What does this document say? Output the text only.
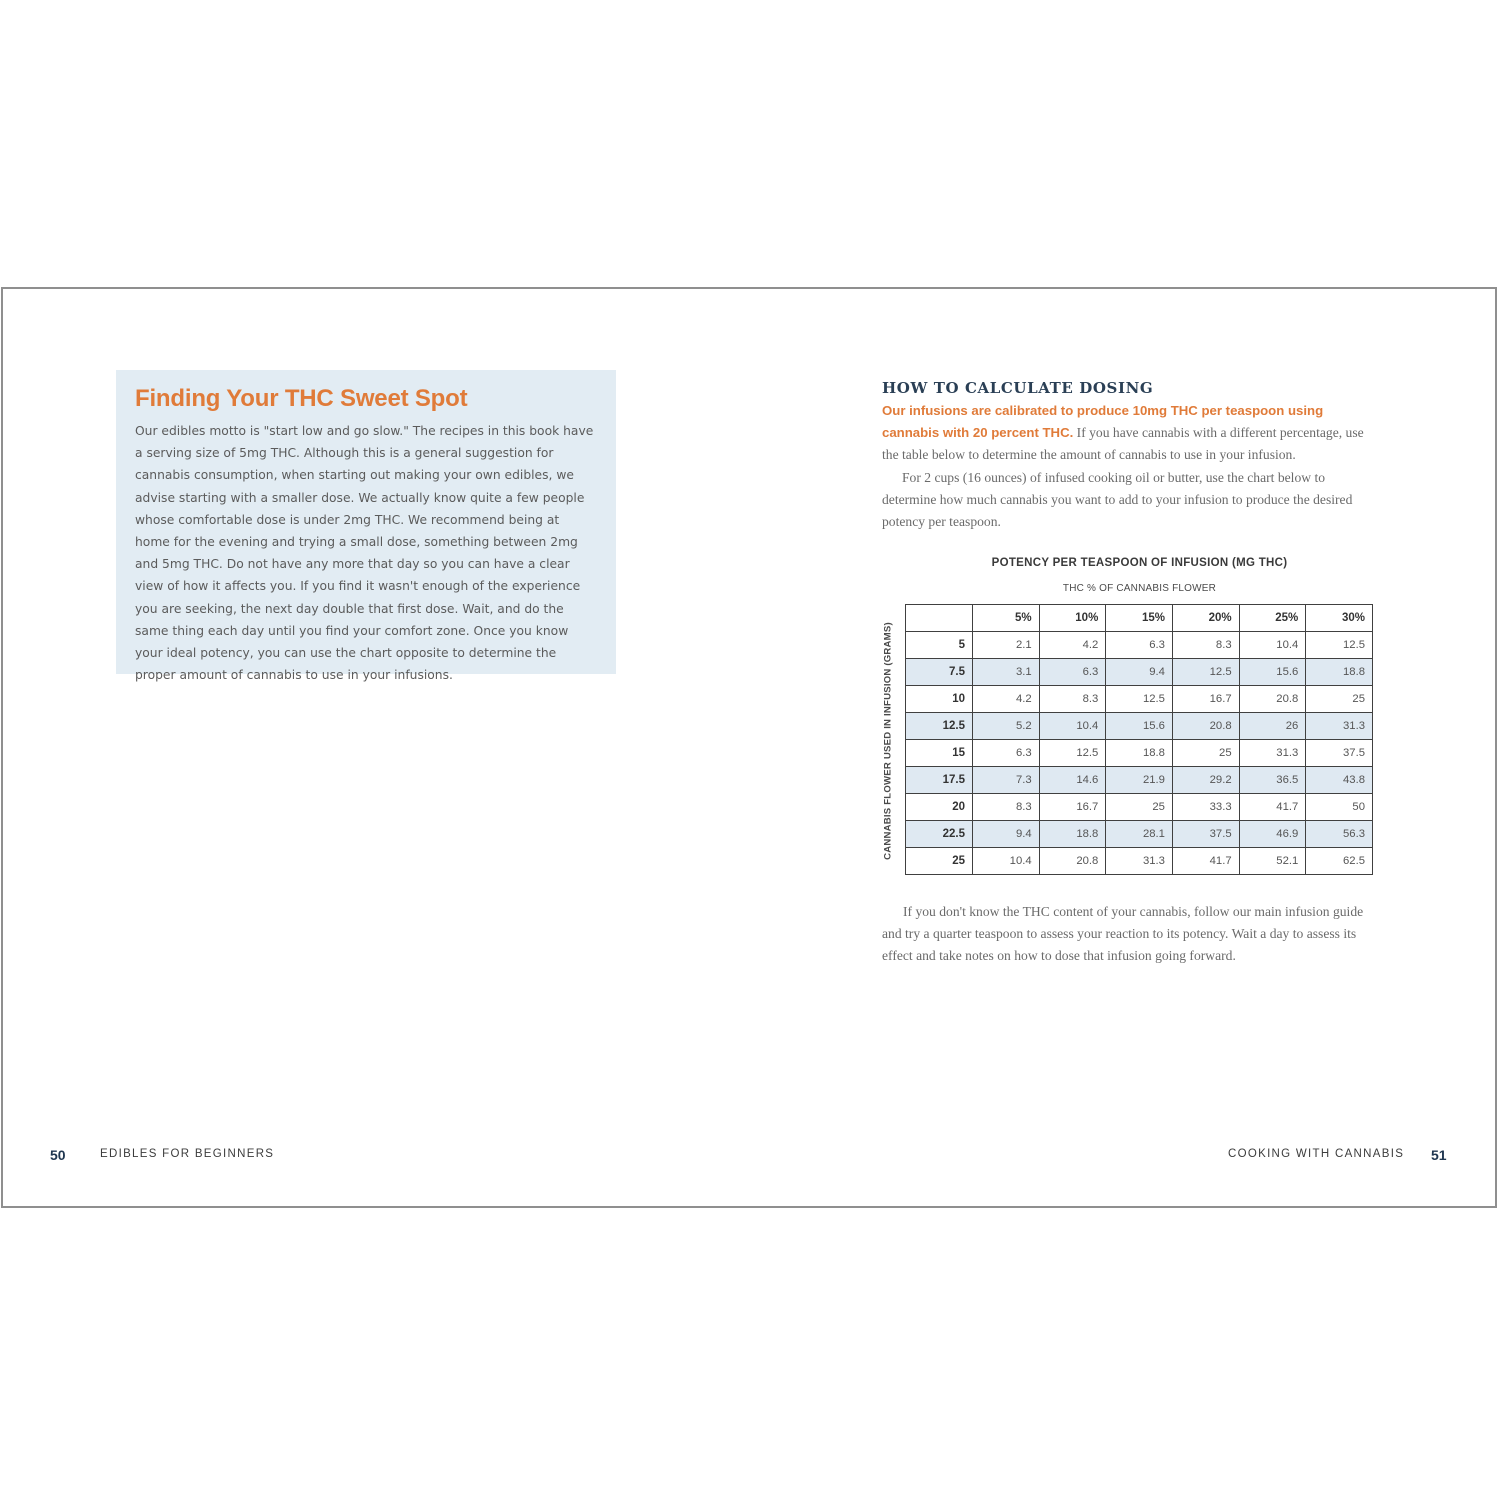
Finding Your THC Sweet Spot

Our edibles motto is "start low and go slow." The recipes in this book have a serving size of 5mg THC. Although this is a general suggestion for cannabis consumption, when starting out making your own edibles, we advise starting with a smaller dose. We actually know quite a few people whose comfortable dose is under 2mg THC. We recommend being at home for the evening and trying a small dose, something between 2mg and 5mg THC. Do not have any more that day so you can have a clear view of how it affects you. If you find it wasn't enough of the experience you are seeking, the next day double that first dose. Wait, and do the same thing each day until you find your comfort zone. Once you know your ideal potency, you can use the chart opposite to determine the proper amount of cannabis to use in your infusions.

HOW TO CALCULATE DOSING

Our infusions are calibrated to produce 10mg THC per teaspoon using cannabis with 20 percent THC. If you have cannabis with a different percentage, use the table below to determine the amount of cannabis to use in your infusion.

For 2 cups (16 ounces) of infused cooking oil or butter, use the chart below to determine how much cannabis you want to add to your infusion to produce the desired potency per teaspoon.

POTENCY PER TEASPOON OF INFUSION (MG THC)
THC % OF CANNABIS FLOWER
CANNABIS FLOWER USED IN INFUSION (GRAMS)
	5%	10%	15%	20%	25%	30%
5	2.1	4.2	6.3	8.3	10.4	12.5
7.5	3.1	6.3	9.4	12.5	15.6	18.8
10	4.2	8.3	12.5	16.7	20.8	25
12.5	5.2	10.4	15.6	20.8	26	31.3
15	6.3	12.5	18.8	25	31.3	37.5
17.5	7.3	14.6	21.9	29.2	36.5	43.8
20	8.3	16.7	25	33.3	41.7	50
22.5	9.4	18.8	28.1	37.5	46.9	56.3
25	10.4	20.8	31.3	41.7	52.1	62.5

If you don't know the THC content of your cannabis, follow our main infusion guide and try a quarter teaspoon to assess your reaction to its potency. Wait a day to assess its effect and take notes on how to dose that infusion going forward.

50	EDIBLES FOR BEGINNERS	COOKING WITH CANNABIS 51
